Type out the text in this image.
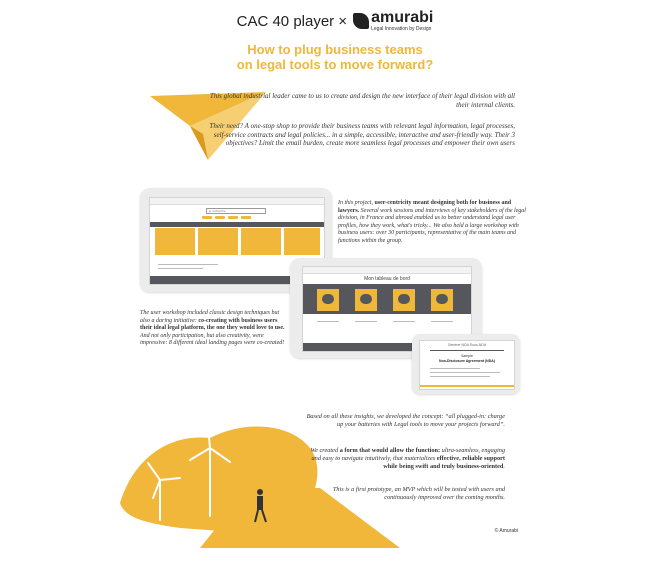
CAC 40 player × amurabi
Legal Innovation by Design
How to plug business teams
on legal tools to move forward?
This global industrial leader came to us to create and design the new interface of their legal division with all their internal clients.
Their need? A one-stop shop to provide their business teams with relevant legal information, legal processes, self-service contracts and legal policies... in a simple, accessible, interactive and user-friendly way. Their 3 objectives? Limit the email burden, create more seamless legal processes and empower their own users
je recherche
In this project, user-centricity meant designing both for business and lawyers. Several work sessions and interviews of key stakeholders of the legal division, in France and abroad enabled us to better understand legal user profiles, how they work, what's tricky... We also held a large workshop with business users: over 30 participants, representative of the main teams and functions within the group.
Mon tableau de bord
Générer NDA Sous-NDA
Sample
Non-Disclosure Agreement (NDA)
The user workshop included classic design techniques but also a daring initiative: co-creating with business users their ideal legal platform, the one they would love to use. And not only participation, but also creativity, were impressive: 8 different ideal landing pages were co-created!
Based on all these insights, we developed the concept: “all plugged-in: charge up your batteries with Legal tools to move your projects forward”.
We created a form that would allow the function: ultra-seamless, engaging and easy to navigate intuitively, that materializes effective, reliable support while being swift and truly business-oriented.
This is a first prototype, an MVP which will be tested with users and continuously improved over the coming months.
© Amurabi
